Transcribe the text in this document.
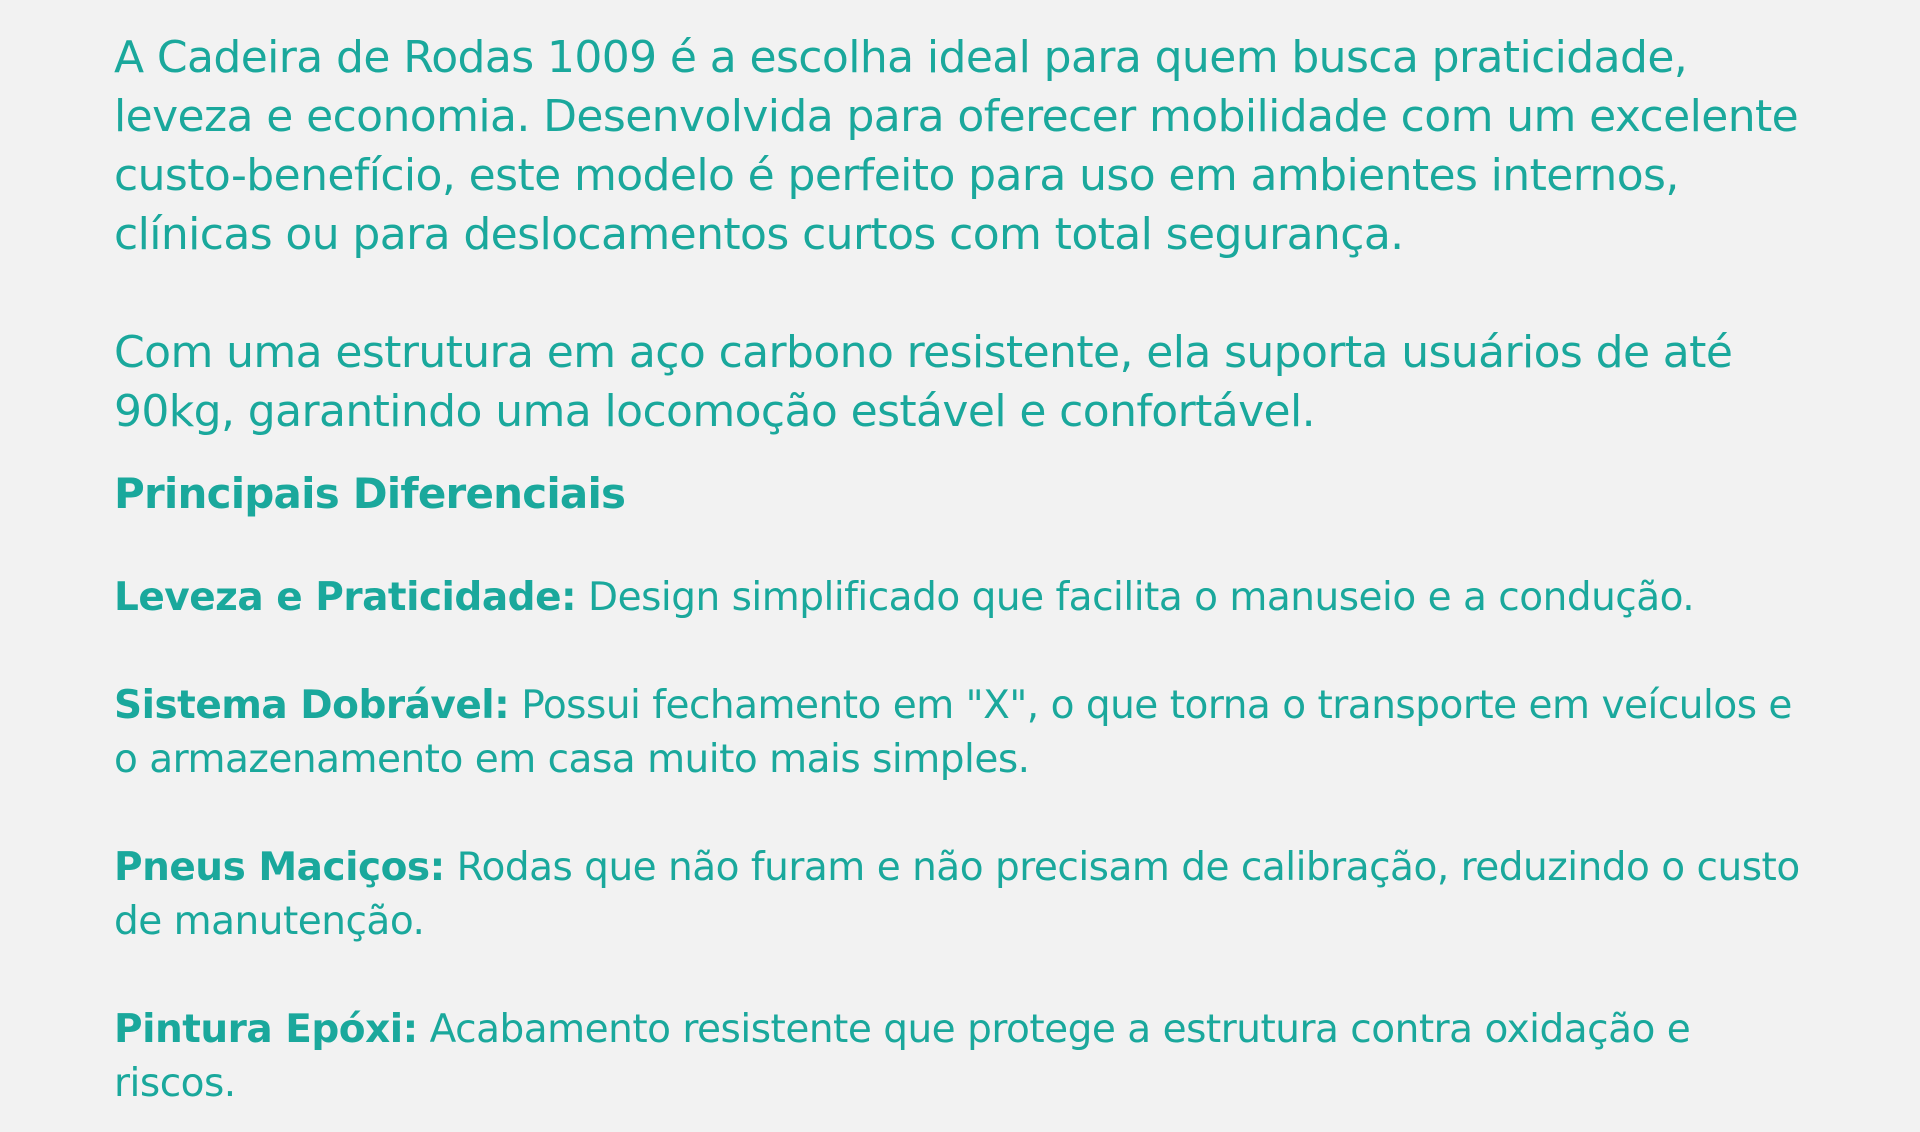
A Cadeira de Rodas 1009 é a escolha ideal para quem busca praticidade, leveza e economia. Desenvolvida para oferecer mobilidade com um excelente custo-benefício, este modelo é perfeito para uso em ambientes internos, clínicas ou para deslocamentos curtos com total segurança.

Com uma estrutura em aço carbono resistente, ela suporta usuários de até 90kg, garantindo uma locomoção estável e confortável.

Principais Diferenciais

Leveza e Praticidade: Design simplificado que facilita o manuseio e a condução.

Sistema Dobrável: Possui fechamento em "X", o que torna o transporte em veículos e o armazenamento em casa muito mais simples.

Pneus Maciços: Rodas que não furam e não precisam de calibração, reduzindo o custo de manutenção.

Pintura Epóxi: Acabamento resistente que protege a estrutura contra oxidação e riscos.
